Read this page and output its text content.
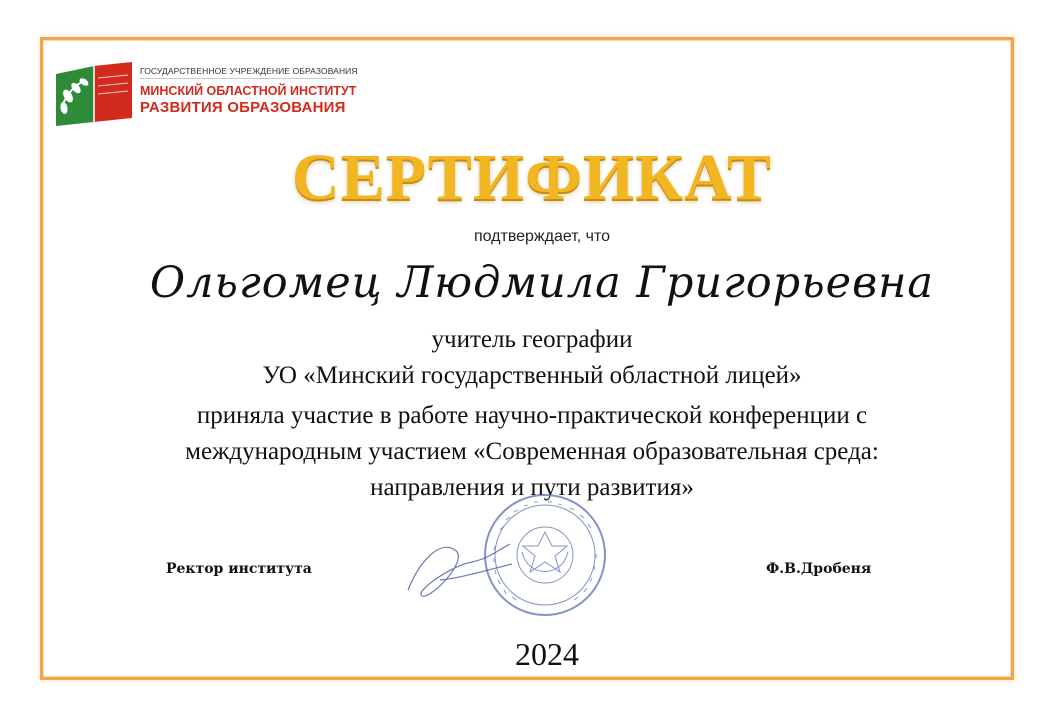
ГОСУДАРСТВЕННОЕ УЧРЕЖДЕНИЕ ОБРАЗОВАНИЯ
МИНСКИЙ ОБЛАСТНОЙ ИНСТИТУТ
РАЗВИТИЯ ОБРАЗОВАНИЯ
СЕРТИФИКАТ
подтверждает, что
Ольгомец Людмила Григорьевна
учитель географии
УО «Минский государственный областной лицей»
приняла участие в работе научно-практической конференции с
международным участием «Современная образовательная среда:
направления и пути развития»
Ректор института	Ф.В.Дробеня
2024
